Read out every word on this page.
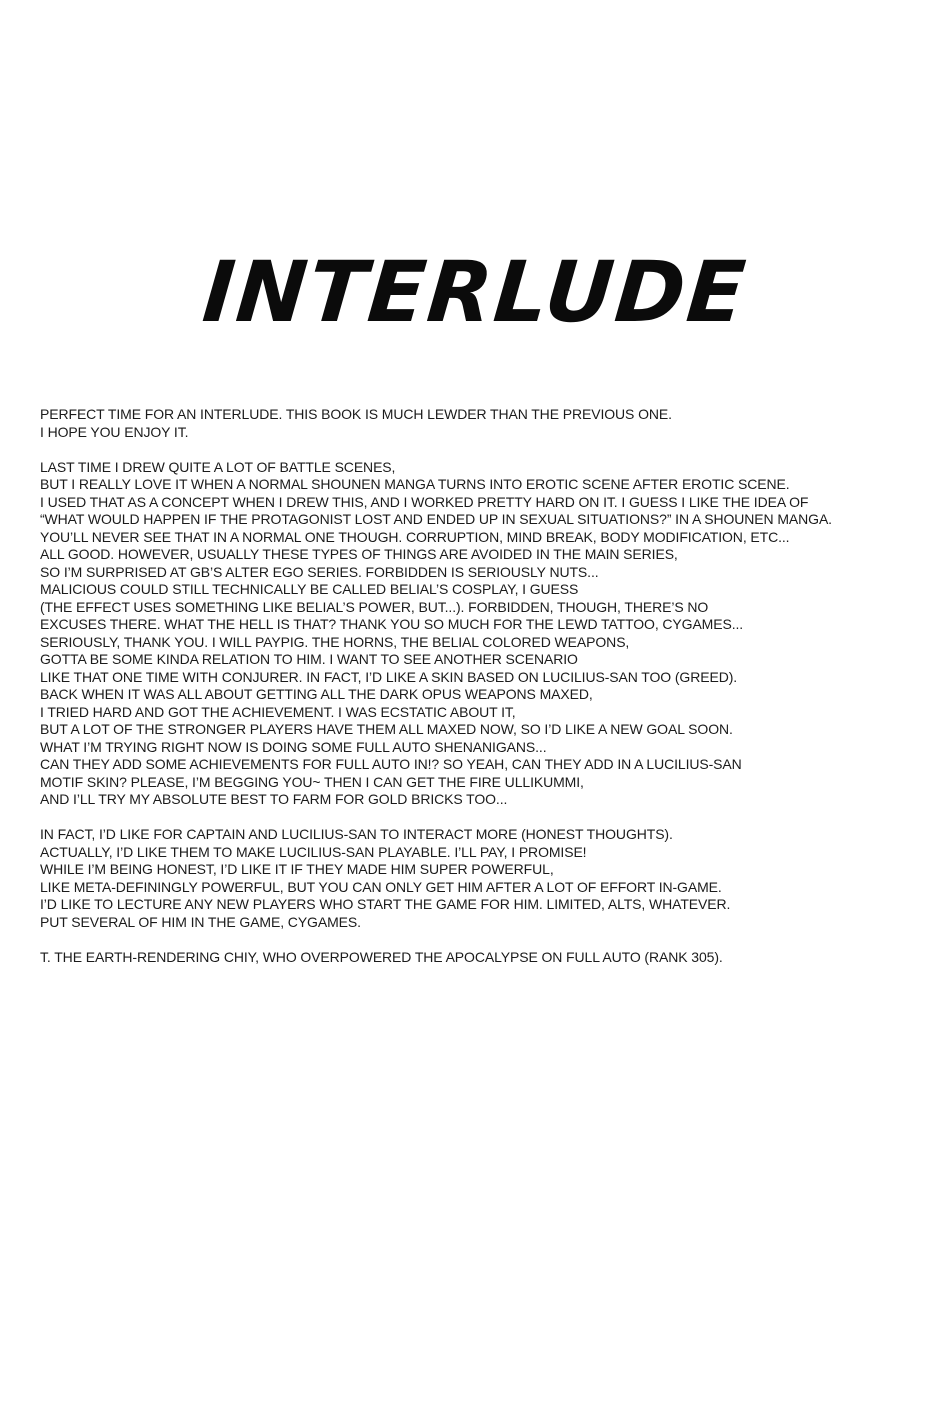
INTERLUDE
PERFECT TIME FOR AN INTERLUDE. THIS BOOK IS MUCH LEWDER THAN THE PREVIOUS ONE.
I HOPE YOU ENJOY IT.
LAST TIME I DREW QUITE A LOT OF BATTLE SCENES,
BUT I REALLY LOVE IT WHEN A NORMAL SHOUNEN MANGA TURNS INTO EROTIC SCENE AFTER EROTIC SCENE.
I USED THAT AS A CONCEPT WHEN I DREW THIS, AND I WORKED PRETTY HARD ON IT. I GUESS I LIKE THE IDEA OF
“WHAT WOULD HAPPEN IF THE PROTAGONIST LOST AND ENDED UP IN SEXUAL SITUATIONS?” IN A SHOUNEN MANGA.
YOU’LL NEVER SEE THAT IN A NORMAL ONE THOUGH. CORRUPTION, MIND BREAK, BODY MODIFICATION, ETC...
ALL GOOD. HOWEVER, USUALLY THESE TYPES OF THINGS ARE AVOIDED IN THE MAIN SERIES,
SO I’M SURPRISED AT GB’S ALTER EGO SERIES. FORBIDDEN IS SERIOUSLY NUTS...
MALICIOUS COULD STILL TECHNICALLY BE CALLED BELIAL’S COSPLAY, I GUESS
(THE EFFECT USES SOMETHING LIKE BELIAL’S POWER, BUT...). FORBIDDEN, THOUGH, THERE’S NO
EXCUSES THERE. WHAT THE HELL IS THAT? THANK YOU SO MUCH FOR THE LEWD TATTOO, CYGAMES...
SERIOUSLY, THANK YOU. I WILL PAYPIG. THE HORNS, THE BELIAL COLORED WEAPONS,
GOTTA BE SOME KINDA RELATION TO HIM. I WANT TO SEE ANOTHER SCENARIO
LIKE THAT ONE TIME WITH CONJURER. IN FACT, I’D LIKE A SKIN BASED ON LUCILIUS-SAN TOO (GREED).
BACK WHEN IT WAS ALL ABOUT GETTING ALL THE DARK OPUS WEAPONS MAXED,
I TRIED HARD AND GOT THE ACHIEVEMENT. I WAS ECSTATIC ABOUT IT,
BUT A LOT OF THE STRONGER PLAYERS HAVE THEM ALL MAXED NOW, SO I’D LIKE A NEW GOAL SOON.
WHAT I’M TRYING RIGHT NOW IS DOING SOME FULL AUTO SHENANIGANS...
CAN THEY ADD SOME ACHIEVEMENTS FOR FULL AUTO IN!? SO YEAH, CAN THEY ADD IN A LUCILIUS-SAN
MOTIF SKIN? PLEASE, I’M BEGGING YOU~ THEN I CAN GET THE FIRE ULLIKUMMI,
AND I’LL TRY MY ABSOLUTE BEST TO FARM FOR GOLD BRICKS TOO...
IN FACT, I’D LIKE FOR CAPTAIN AND LUCILIUS-SAN TO INTERACT MORE (HONEST THOUGHTS).
ACTUALLY, I’D LIKE THEM TO MAKE LUCILIUS-SAN PLAYABLE. I’LL PAY, I PROMISE!
WHILE I’M BEING HONEST, I’D LIKE IT IF THEY MADE HIM SUPER POWERFUL,
LIKE META-DEFININGLY POWERFUL, BUT YOU CAN ONLY GET HIM AFTER A LOT OF EFFORT IN-GAME.
I’D LIKE TO LECTURE ANY NEW PLAYERS WHO START THE GAME FOR HIM. LIMITED, ALTS, WHATEVER.
PUT SEVERAL OF HIM IN THE GAME, CYGAMES.
T. THE EARTH-RENDERING CHIY, WHO OVERPOWERED THE APOCALYPSE ON FULL AUTO (RANK 305).
